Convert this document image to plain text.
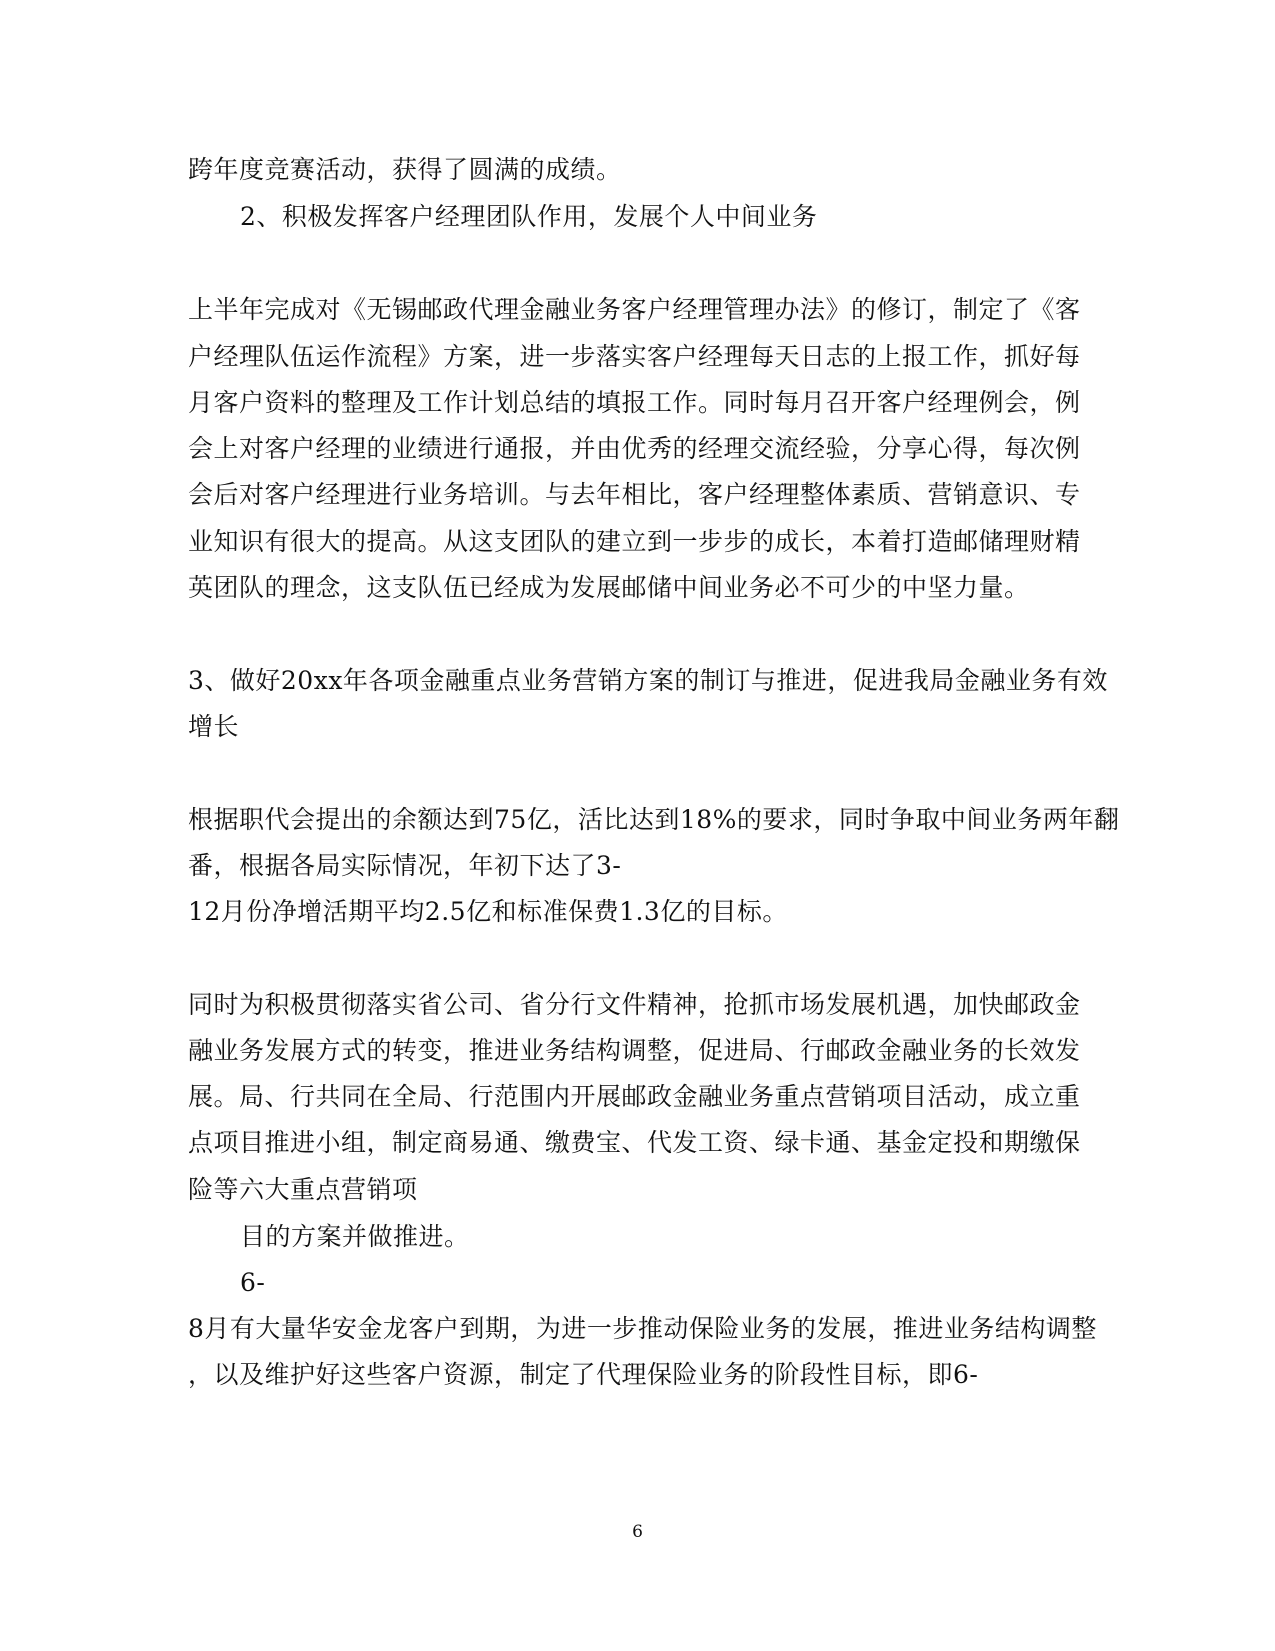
跨年度竞赛活动，获得了圆满的成绩。
2、积极发挥客户经理团队作用，发展个人中间业务
上半年完成对《无锡邮政代理金融业务客户经理管理办法》的修订，制定了《客
户经理队伍运作流程》方案，进一步落实客户经理每天日志的上报工作，抓好每
月客户资料的整理及工作计划总结的填报工作。同时每月召开客户经理例会，例
会上对客户经理的业绩进行通报，并由优秀的经理交流经验，分享心得，每次例
会后对客户经理进行业务培训。与去年相比，客户经理整体素质、营销意识、专
业知识有很大的提高。从这支团队的建立到一步步的成长，本着打造邮储理财精
英团队的理念，这支队伍已经成为发展邮储中间业务必不可少的中坚力量。
3、做好20xx年各项金融重点业务营销方案的制订与推进，促进我局金融业务有效
增长
根据职代会提出的余额达到75亿，活比达到18%的要求，同时争取中间业务两年翻
番，根据各局实际情况，年初下达了3-
12月份净增活期平均2.5亿和标准保费1.3亿的目标。
同时为积极贯彻落实省公司、省分行文件精神，抢抓市场发展机遇，加快邮政金
融业务发展方式的转变，推进业务结构调整，促进局、行邮政金融业务的长效发
展。局、行共同在全局、行范围内开展邮政金融业务重点营销项目活动，成立重
点项目推进小组，制定商易通、缴费宝、代发工资、绿卡通、基金定投和期缴保
险等六大重点营销项
目的方案并做推进。
6-
8月有大量华安金龙客户到期，为进一步推动保险业务的发展，推进业务结构调整
，以及维护好这些客户资源，制定了代理保险业务的阶段性目标，即6-
6
